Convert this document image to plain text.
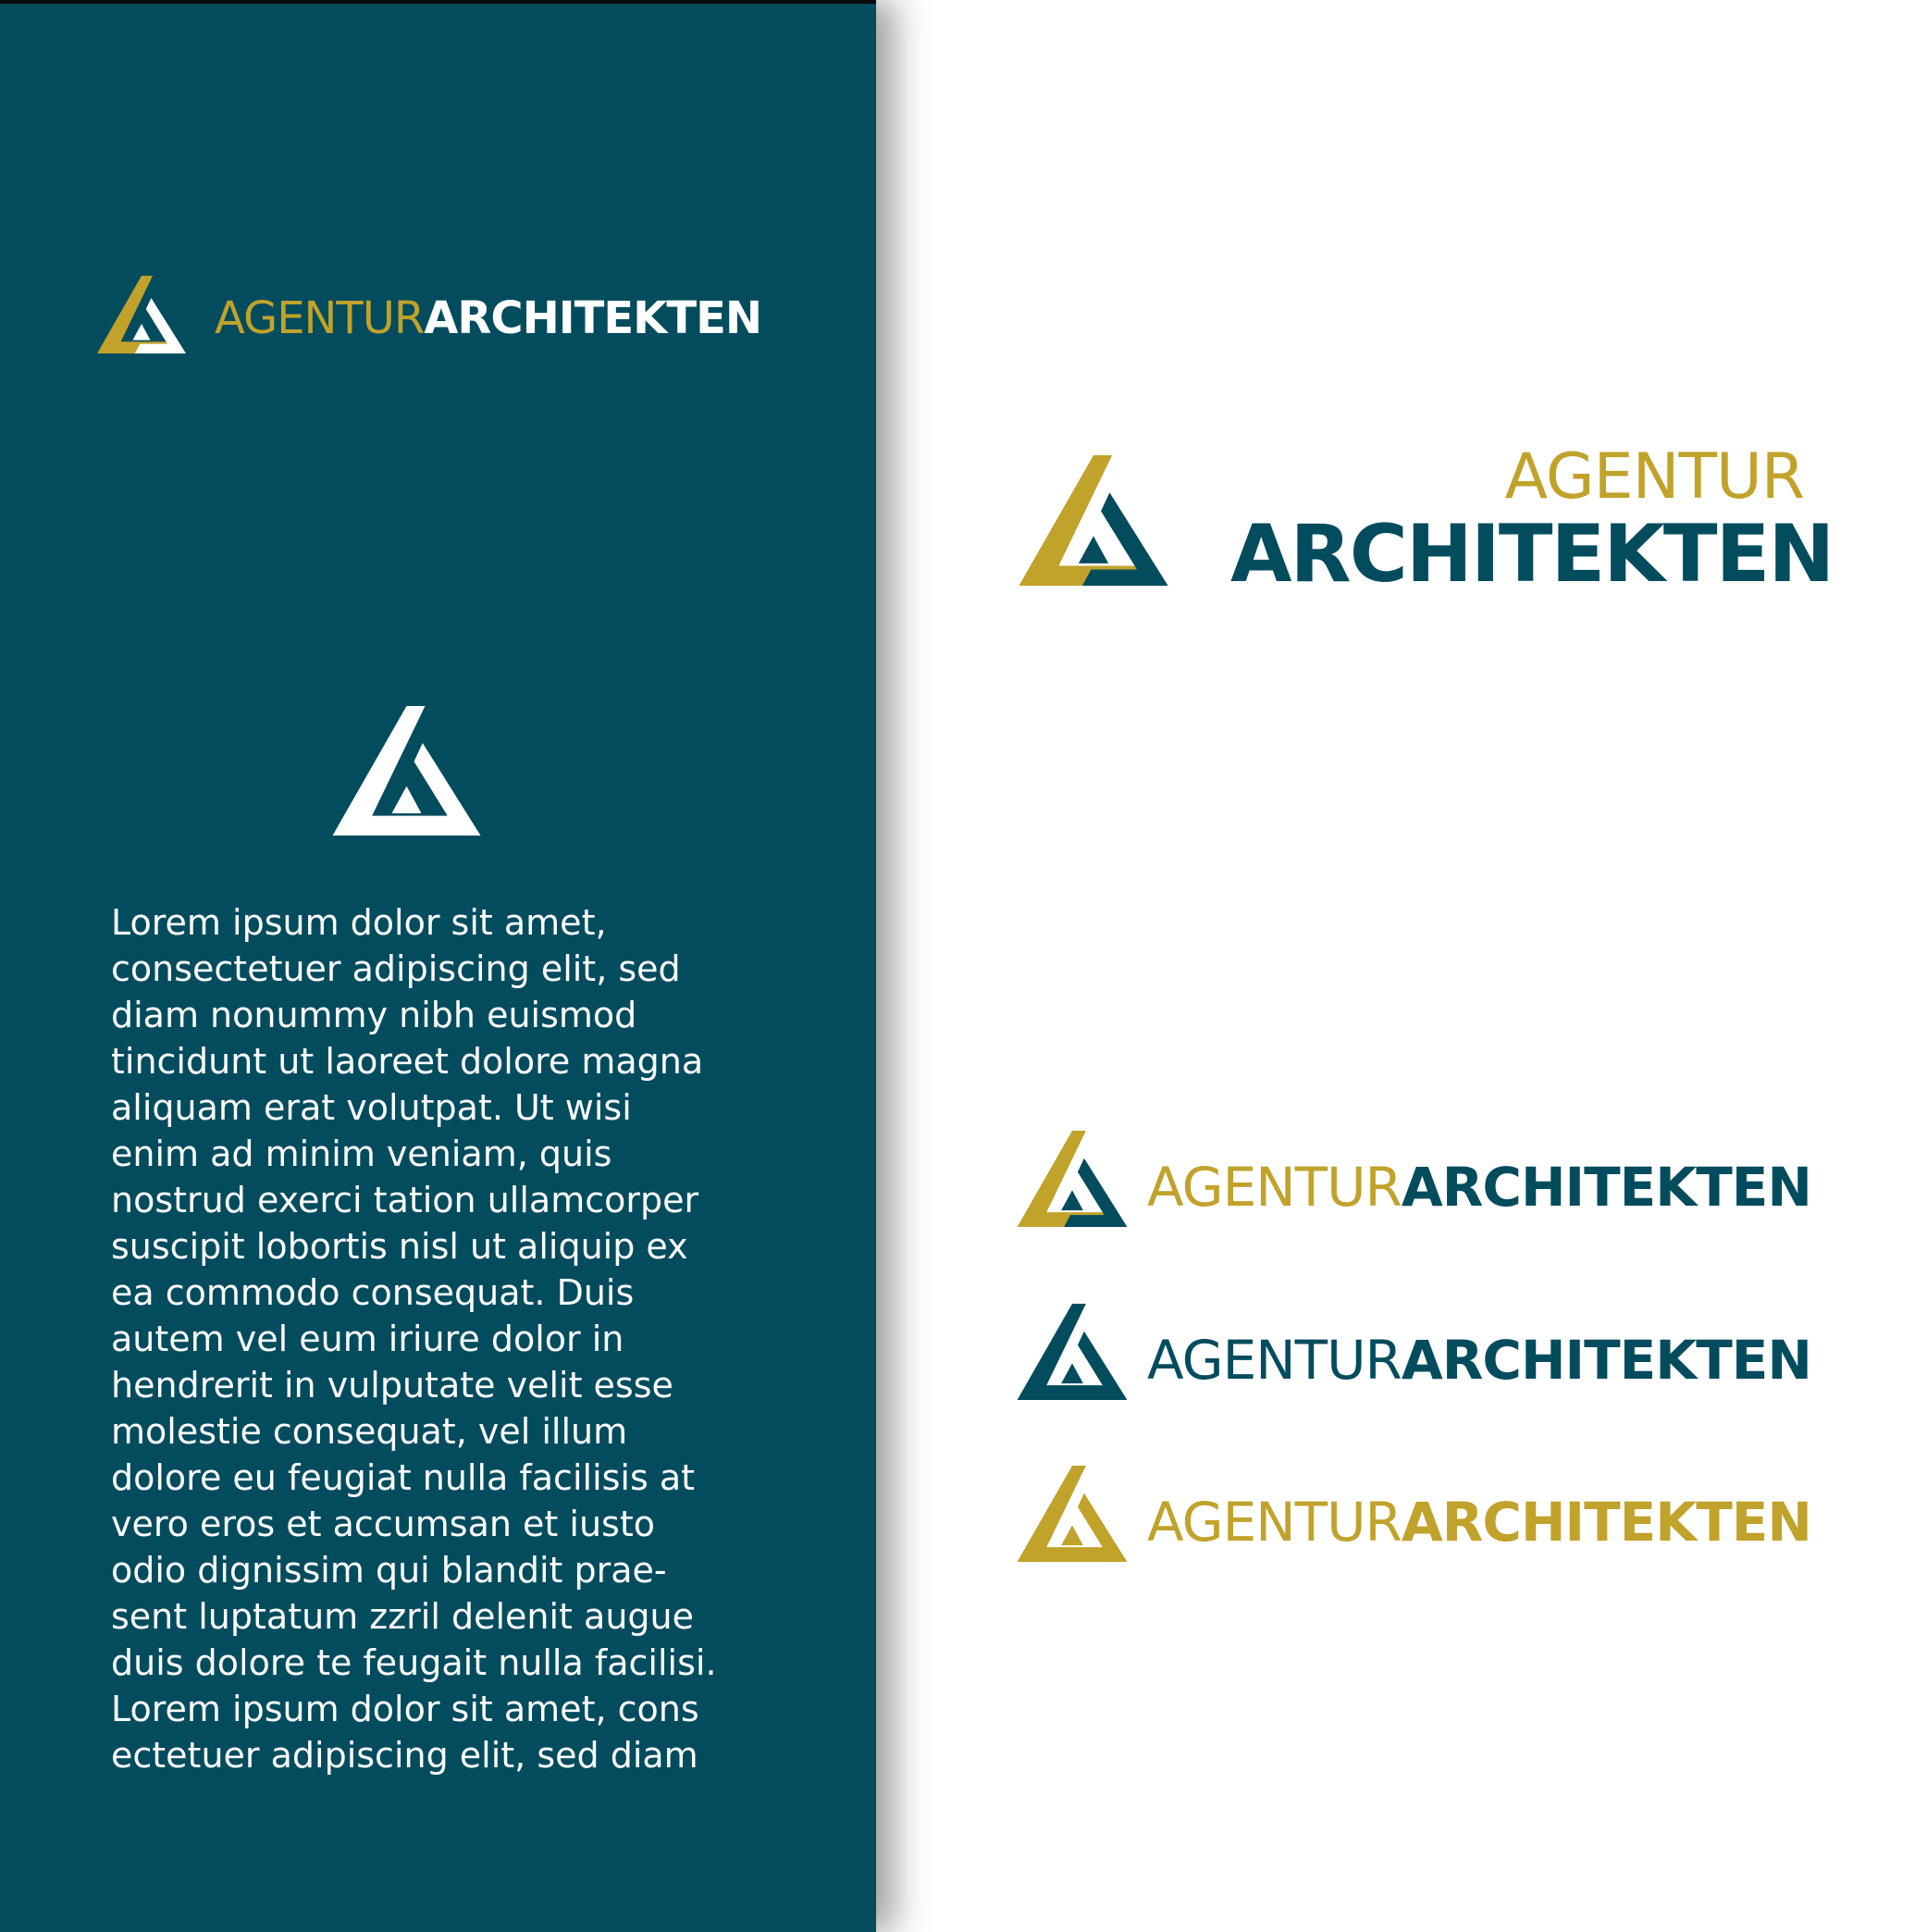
AGENTURARCHITEKTEN

Lorem ipsum dolor sit amet,
consectetuer adipiscing elit, sed
diam nonummy nibh euismod
tincidunt ut laoreet dolore magna
aliquam erat volutpat. Ut wisi
enim ad minim veniam, quis
nostrud exerci tation ullamcorper
suscipit lobortis nisl ut aliquip ex
ea commodo consequat. Duis
autem vel eum iriure dolor in
hendrerit in vulputate velit esse
molestie consequat, vel illum
dolore eu feugiat nulla facilisis at
vero eros et accumsan et iusto
odio dignissim qui blandit prae-
sent luptatum zzril delenit augue
duis dolore te feugait nulla facilisi.
Lorem ipsum dolor sit amet, cons
ectetuer adipiscing elit, sed diam

AGENTUR
ARCHITEKTEN
AGENTURARCHITEKTEN
AGENTURARCHITEKTEN
AGENTURARCHITEKTEN
